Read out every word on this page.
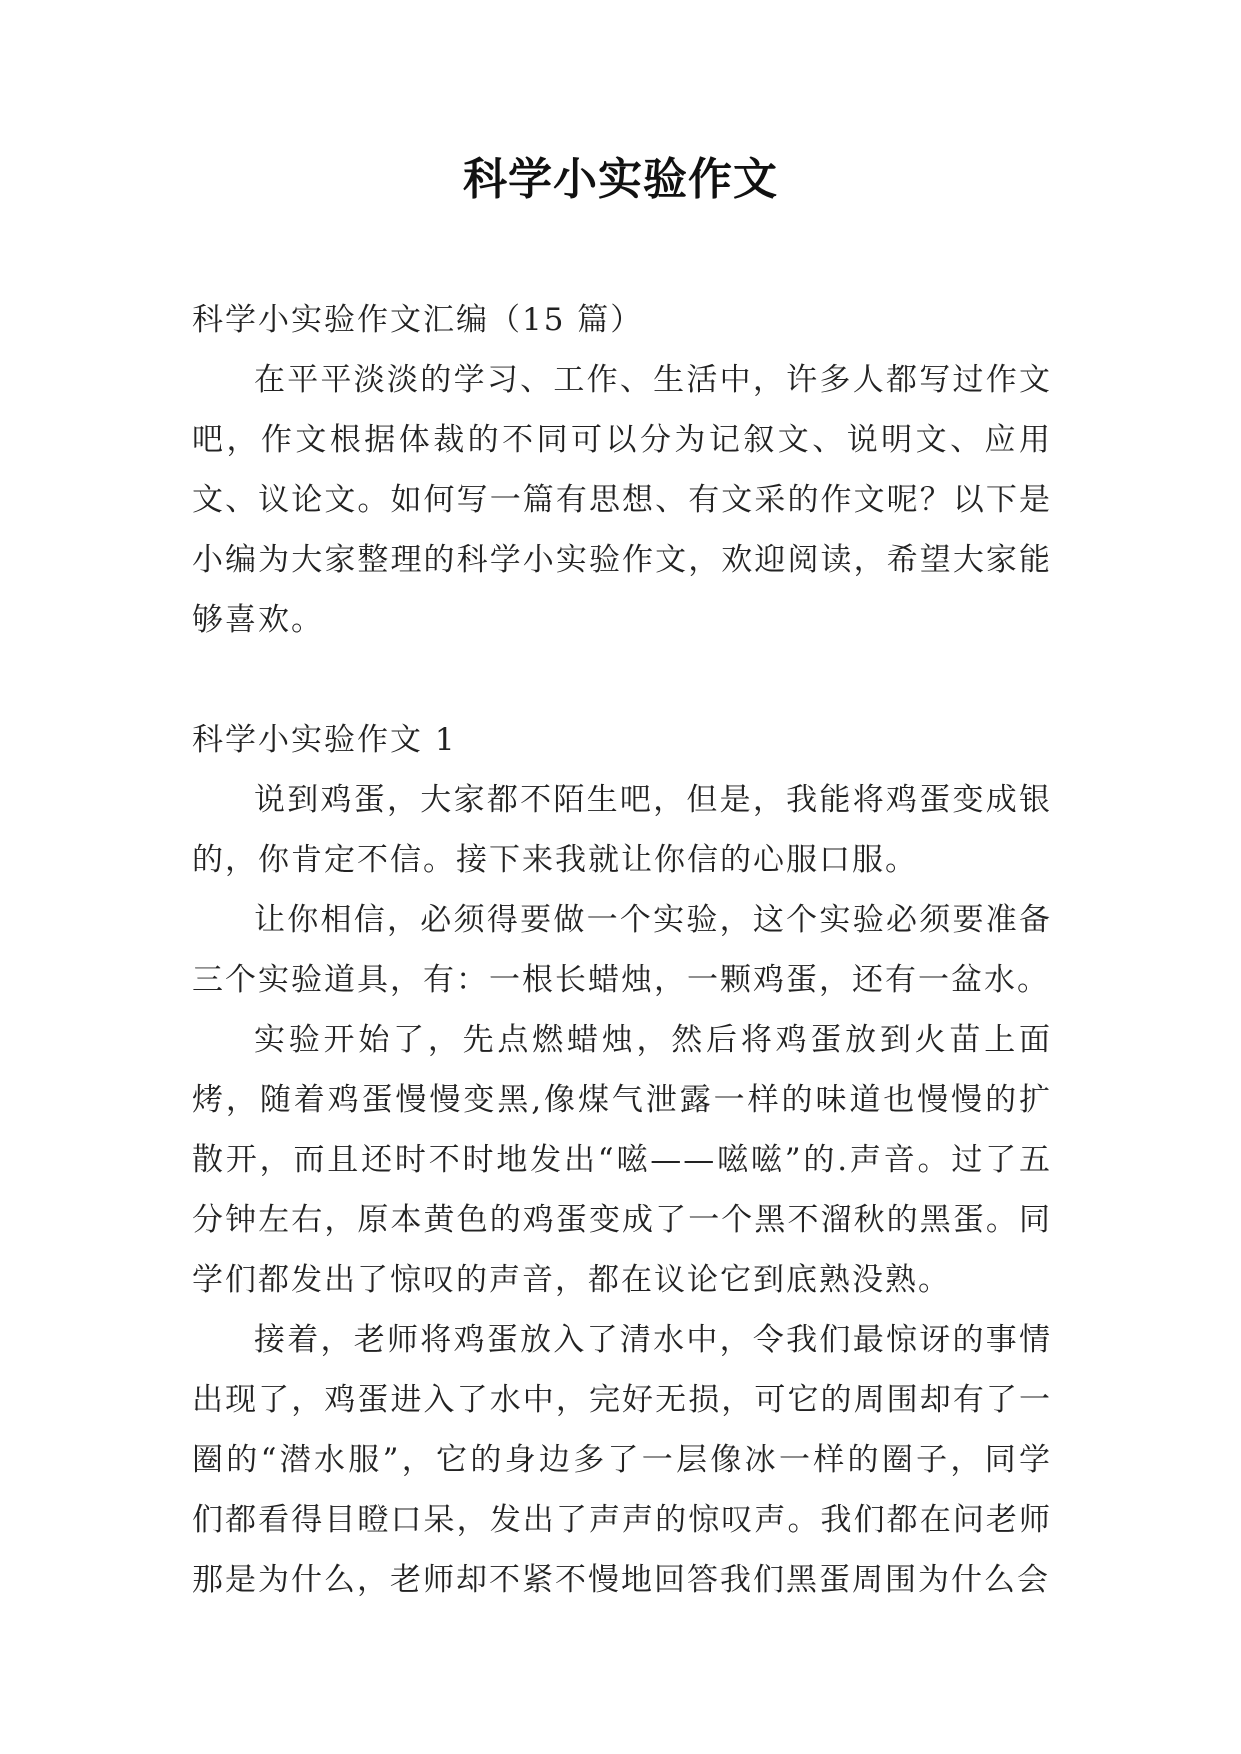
科学小实验作文

科学小实验作文汇编（15 篇）

在平平淡淡的学习、工作、生活中，许多人都写过作文吧，作文根据体裁的不同可以分为记叙文、说明文、应用文、议论文。如何写一篇有思想、有文采的作文呢？以下是小编为大家整理的科学小实验作文，欢迎阅读，希望大家能够喜欢。

科学小实验作文 1

说到鸡蛋，大家都不陌生吧，但是，我能将鸡蛋变成银的，你肯定不信。接下来我就让你信的心服口服。

让你相信，必须得要做一个实验，这个实验必须要准备三个实验道具，有：一根长蜡烛，一颗鸡蛋，还有一盆水。

实验开始了，先点燃蜡烛，然后将鸡蛋放到火苗上面烤，随着鸡蛋慢慢变黑,像煤气泄露一样的味道也慢慢的扩散开，而且还时不时地发出“嗞——嗞嗞”的.声音。过了五分钟左右，原本黄色的鸡蛋变成了一个黑不溜秋的黑蛋。同学们都发出了惊叹的声音，都在议论它到底熟没熟。

接着，老师将鸡蛋放入了清水中，令我们最惊讶的事情出现了，鸡蛋进入了水中，完好无损，可它的周围却有了一圈的“潜水服”，它的身边多了一层像冰一样的圈子，同学们都看得目瞪口呆，发出了声声的惊叹声。我们都在问老师那是为什么，老师却不紧不慢地回答我们黑蛋周围为什么会
